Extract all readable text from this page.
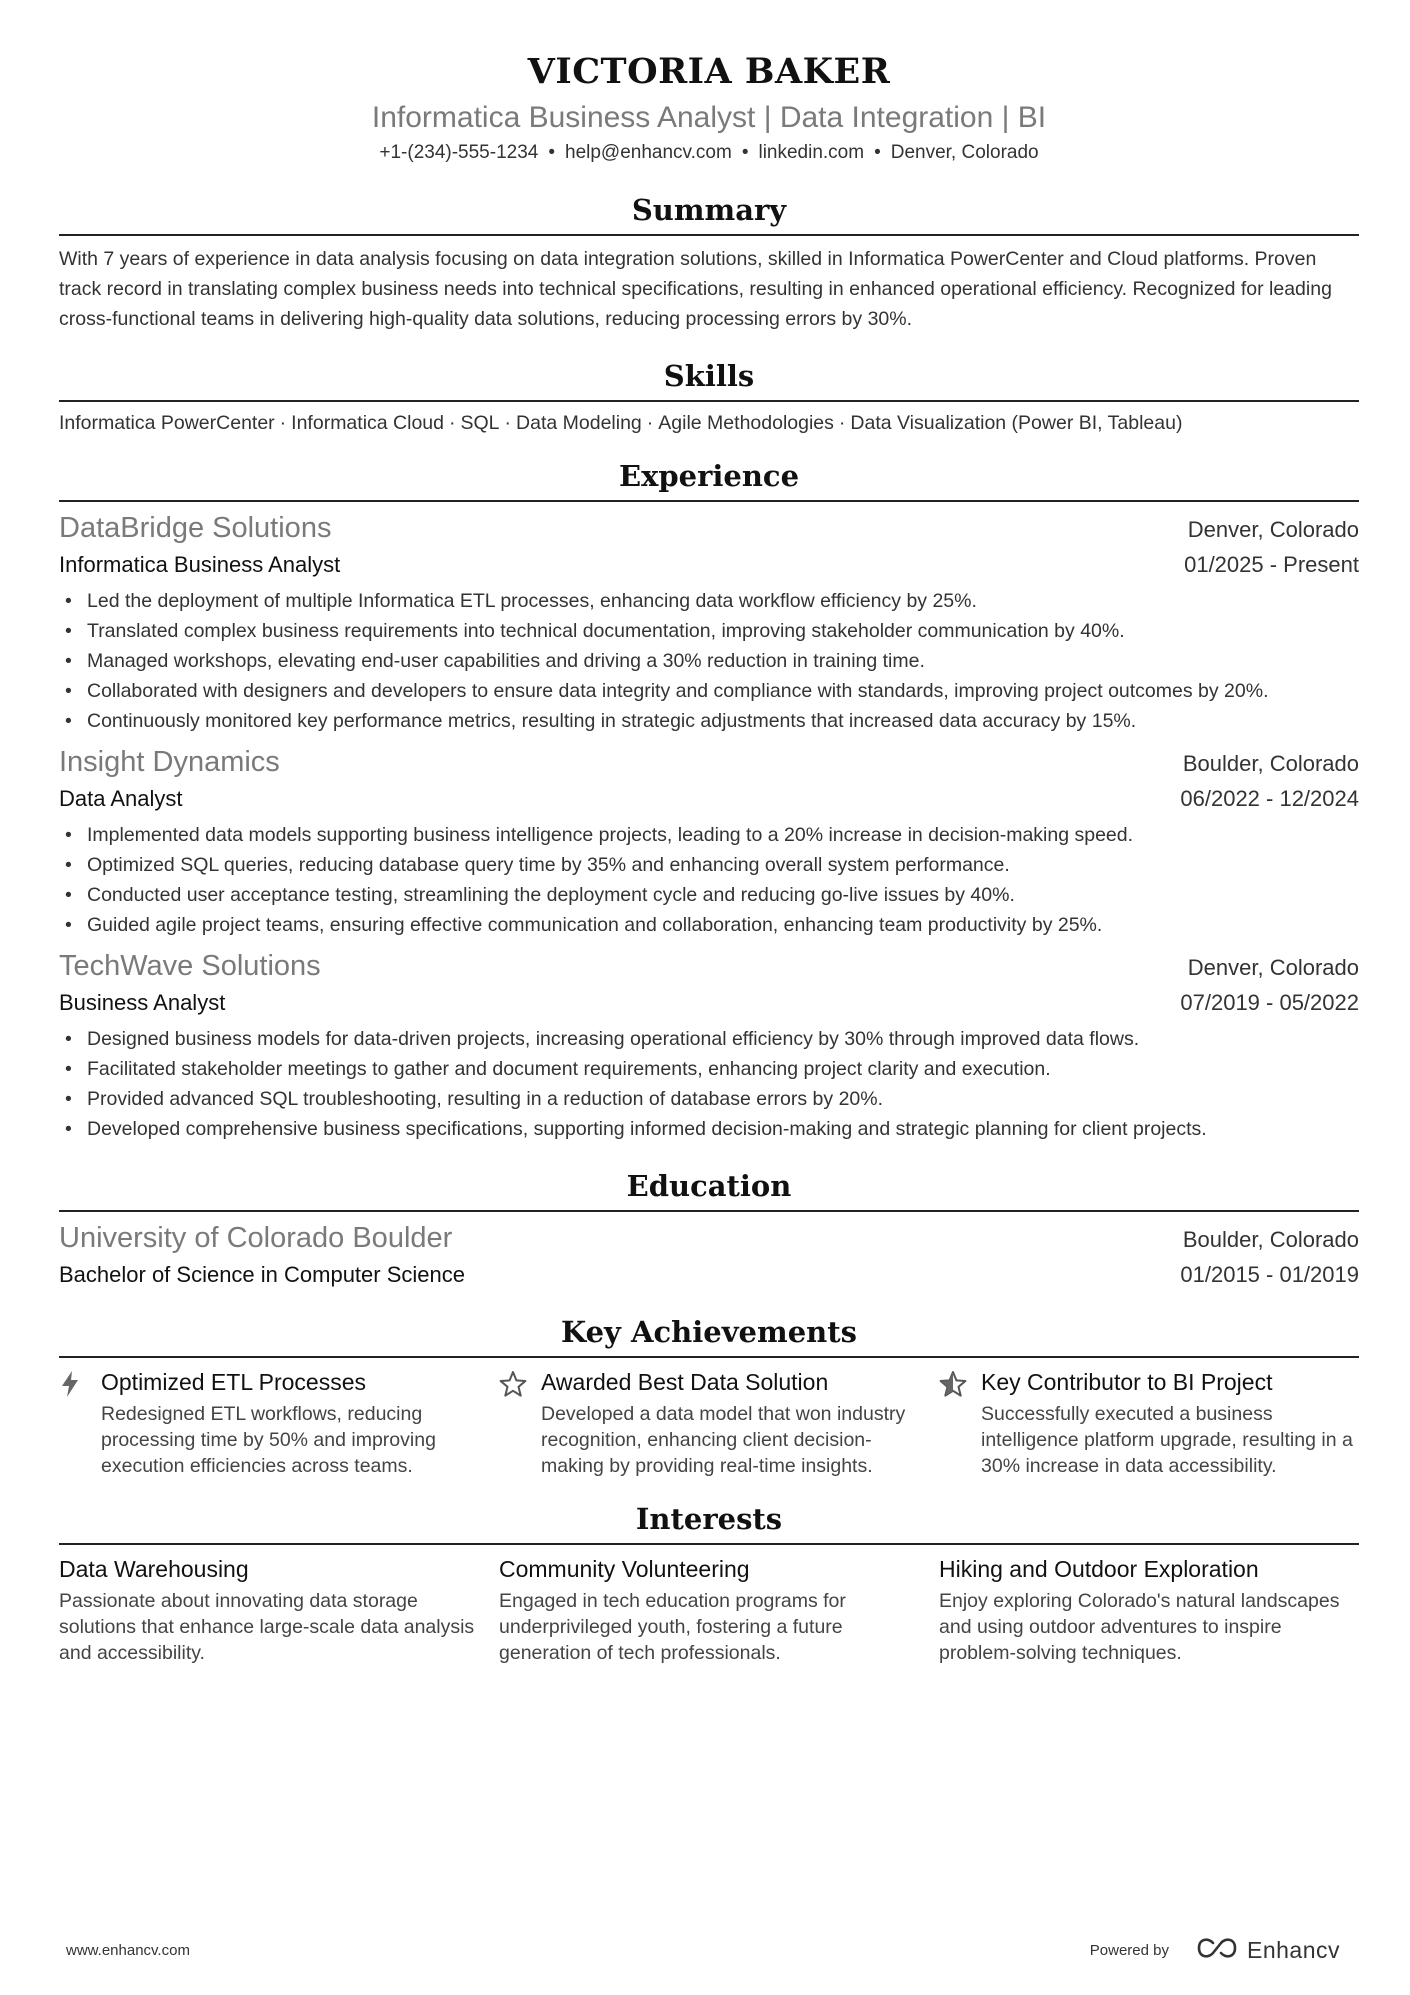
VICTORIA BAKER
Informatica Business Analyst | Data Integration | BI
+1-(234)-555-1234 • help@enhancv.com • linkedin.com • Denver, Colorado
Summary
With 7 years of experience in data analysis focusing on data integration solutions, skilled in Informatica PowerCenter and Cloud platforms. Proven track record in translating complex business needs into technical specifications, resulting in enhanced operational efficiency. Recognized for leading cross-functional teams in delivering high-quality data solutions, reducing processing errors by 30%.
Skills
Informatica PowerCenter · Informatica Cloud · SQL · Data Modeling · Agile Methodologies · Data Visualization (Power BI, Tableau)
Experience
DataBridge Solutions	Denver, Colorado
Informatica Business Analyst	01/2025 - Present
• Led the deployment of multiple Informatica ETL processes, enhancing data workflow efficiency by 25%.
• Translated complex business requirements into technical documentation, improving stakeholder communication by 40%.
• Managed workshops, elevating end-user capabilities and driving a 30% reduction in training time.
• Collaborated with designers and developers to ensure data integrity and compliance with standards, improving project outcomes by 20%.
• Continuously monitored key performance metrics, resulting in strategic adjustments that increased data accuracy by 15%.
Insight Dynamics	Boulder, Colorado
Data Analyst	06/2022 - 12/2024
• Implemented data models supporting business intelligence projects, leading to a 20% increase in decision-making speed.
• Optimized SQL queries, reducing database query time by 35% and enhancing overall system performance.
• Conducted user acceptance testing, streamlining the deployment cycle and reducing go-live issues by 40%.
• Guided agile project teams, ensuring effective communication and collaboration, enhancing team productivity by 25%.
TechWave Solutions	Denver, Colorado
Business Analyst	07/2019 - 05/2022
• Designed business models for data-driven projects, increasing operational efficiency by 30% through improved data flows.
• Facilitated stakeholder meetings to gather and document requirements, enhancing project clarity and execution.
• Provided advanced SQL troubleshooting, resulting in a reduction of database errors by 20%.
• Developed comprehensive business specifications, supporting informed decision-making and strategic planning for client projects.
Education
University of Colorado Boulder	Boulder, Colorado
Bachelor of Science in Computer Science	01/2015 - 01/2019
Key Achievements
Optimized ETL Processes
Redesigned ETL workflows, reducing processing time by 50% and improving execution efficiencies across teams.
Awarded Best Data Solution
Developed a data model that won industry recognition, enhancing client decision-making by providing real-time insights.
Key Contributor to BI Project
Successfully executed a business intelligence platform upgrade, resulting in a 30% increase in data accessibility.
Interests
Data Warehousing
Passionate about innovating data storage solutions that enhance large-scale data analysis and accessibility.
Community Volunteering
Engaged in tech education programs for underprivileged youth, fostering a future generation of tech professionals.
Hiking and Outdoor Exploration
Enjoy exploring Colorado's natural landscapes and using outdoor adventures to inspire problem-solving techniques.
www.enhancv.com	Powered by	Enhancv
